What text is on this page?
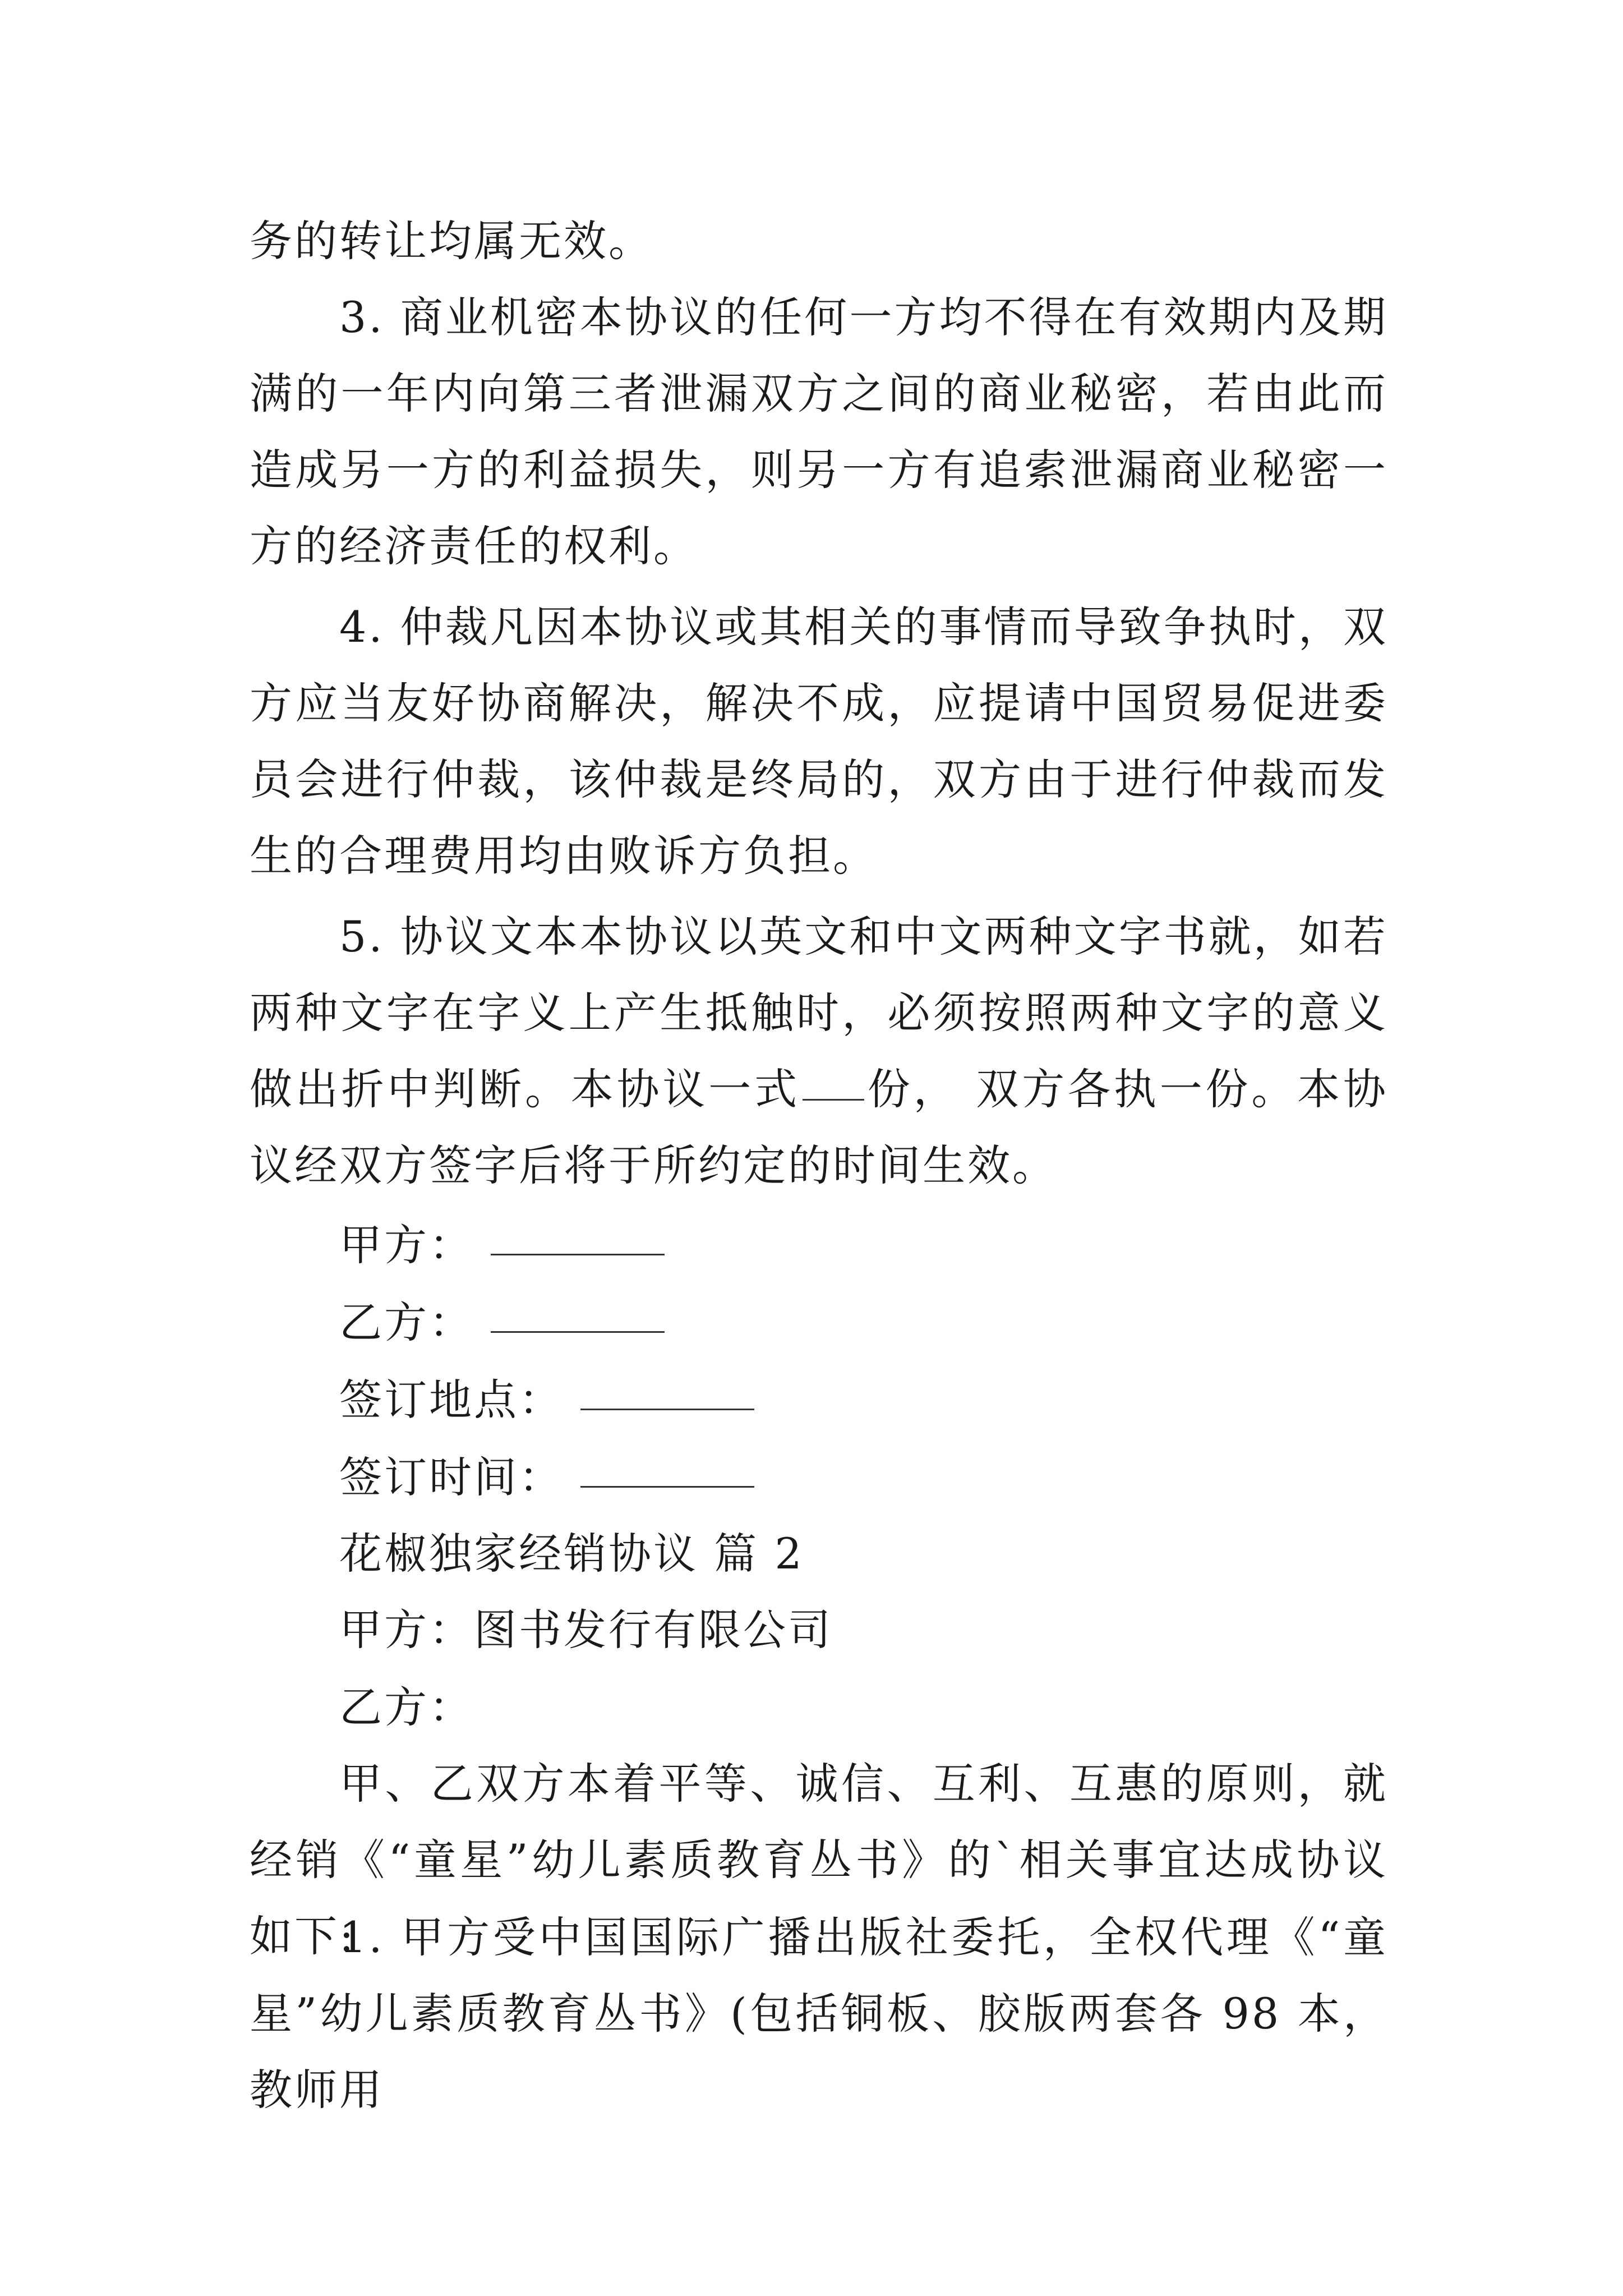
务的转让均属无效。

3. 商业机密本协议的任何一方均不得在有效期内及期满的一年内向第三者泄漏双方之间的商业秘密，若由此而造成另一方的利益损失，则另一方有追索泄漏商业秘密一方的经济责任的权利。

4. 仲裁凡因本协议或其相关的事情而导致争执时，双方应当友好协商解决，解决不成，应提请中国贸易促进委员会进行仲裁，该仲裁是终局的，双方由于进行仲裁而发生的合理费用均由败诉方负担。

5. 协议文本本协议以英文和中文两种文字书就，如若两种文字在字义上产生抵触时，必须按照两种文字的意义做出折中判断。本协议一式 份， 双方各执一份。本协议经双方签字后将于所约定的时间生效。

甲方：

乙方：

签订地点：

签订时间：

花椒独家经销协议 篇 2

甲方：图书发行有限公司

乙方：

甲、乙双方本着平等、诚信、互利、互惠的原则，就经销《“童星”幼儿素质教育丛书》的`相关事宜达成协议如下:

1. 甲方受中国国际广播出版社委托，全权代理《“童星”幼儿素质教育丛书》(包括铜板、胶版两套各 98 本，教师用
